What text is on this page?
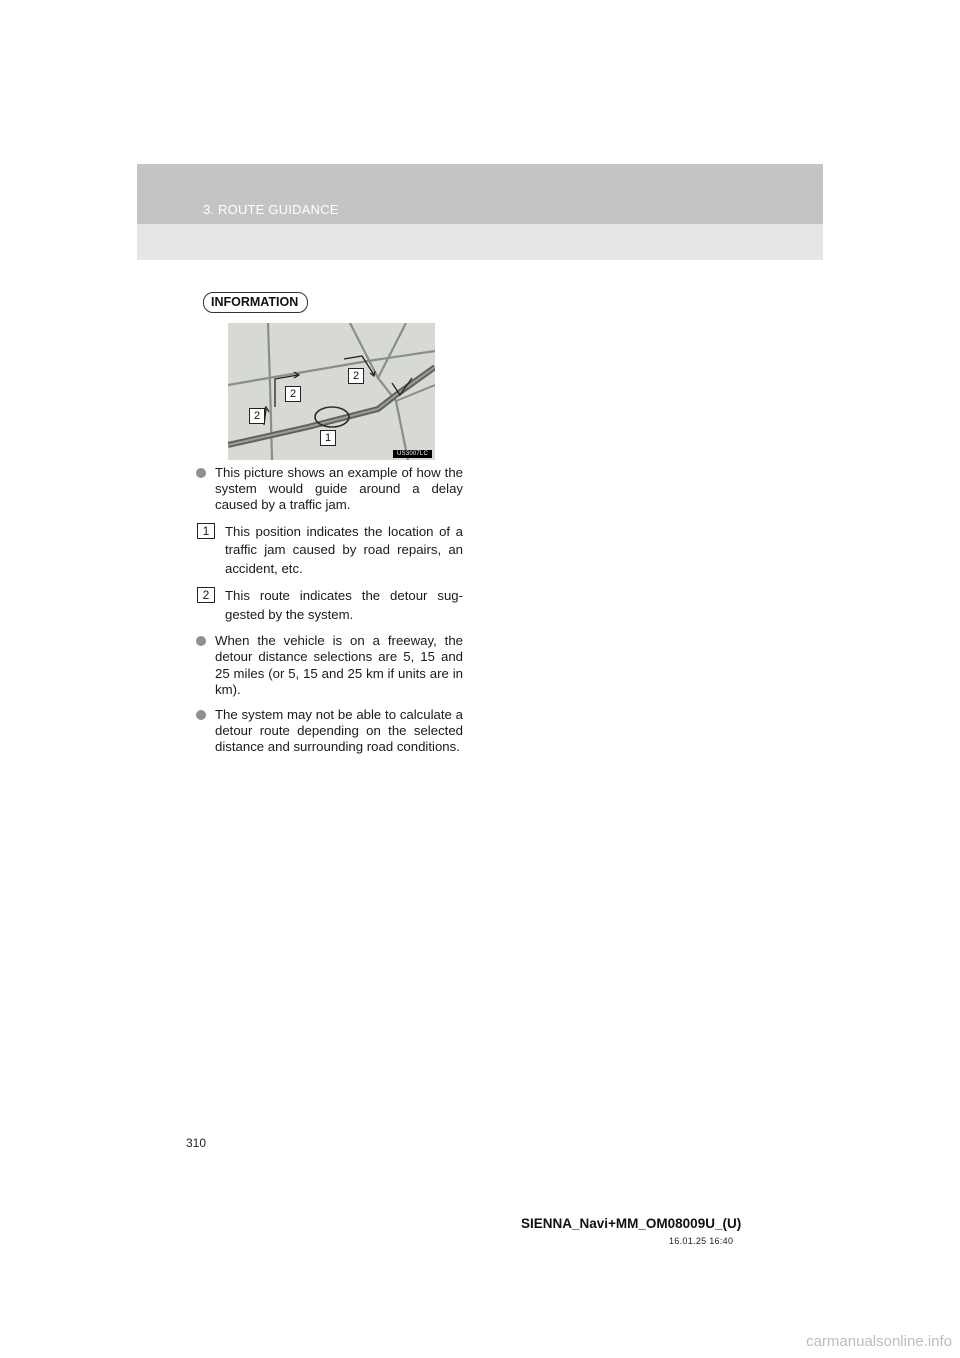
3. ROUTE GUIDANCE
INFORMATION
2
2
2
1
US3007LC
This picture shows an example of how the system would guide around a delay caused by a traffic jam.
1	This position indicates the location of a traffic jam caused by road repairs, an accident, etc.
2	This route indicates the detour sug- gested by the system.
When the vehicle is on a freeway, the detour distance selections are 5, 15 and 25 miles (or 5, 15 and 25 km if units are in km).
The system may not be able to calculate a detour route depending on the selected distance and surrounding road conditions.
310
SIENNA_Navi+MM_OM08009U_(U)
16.01.25 16:40
carmanualsonline.info
